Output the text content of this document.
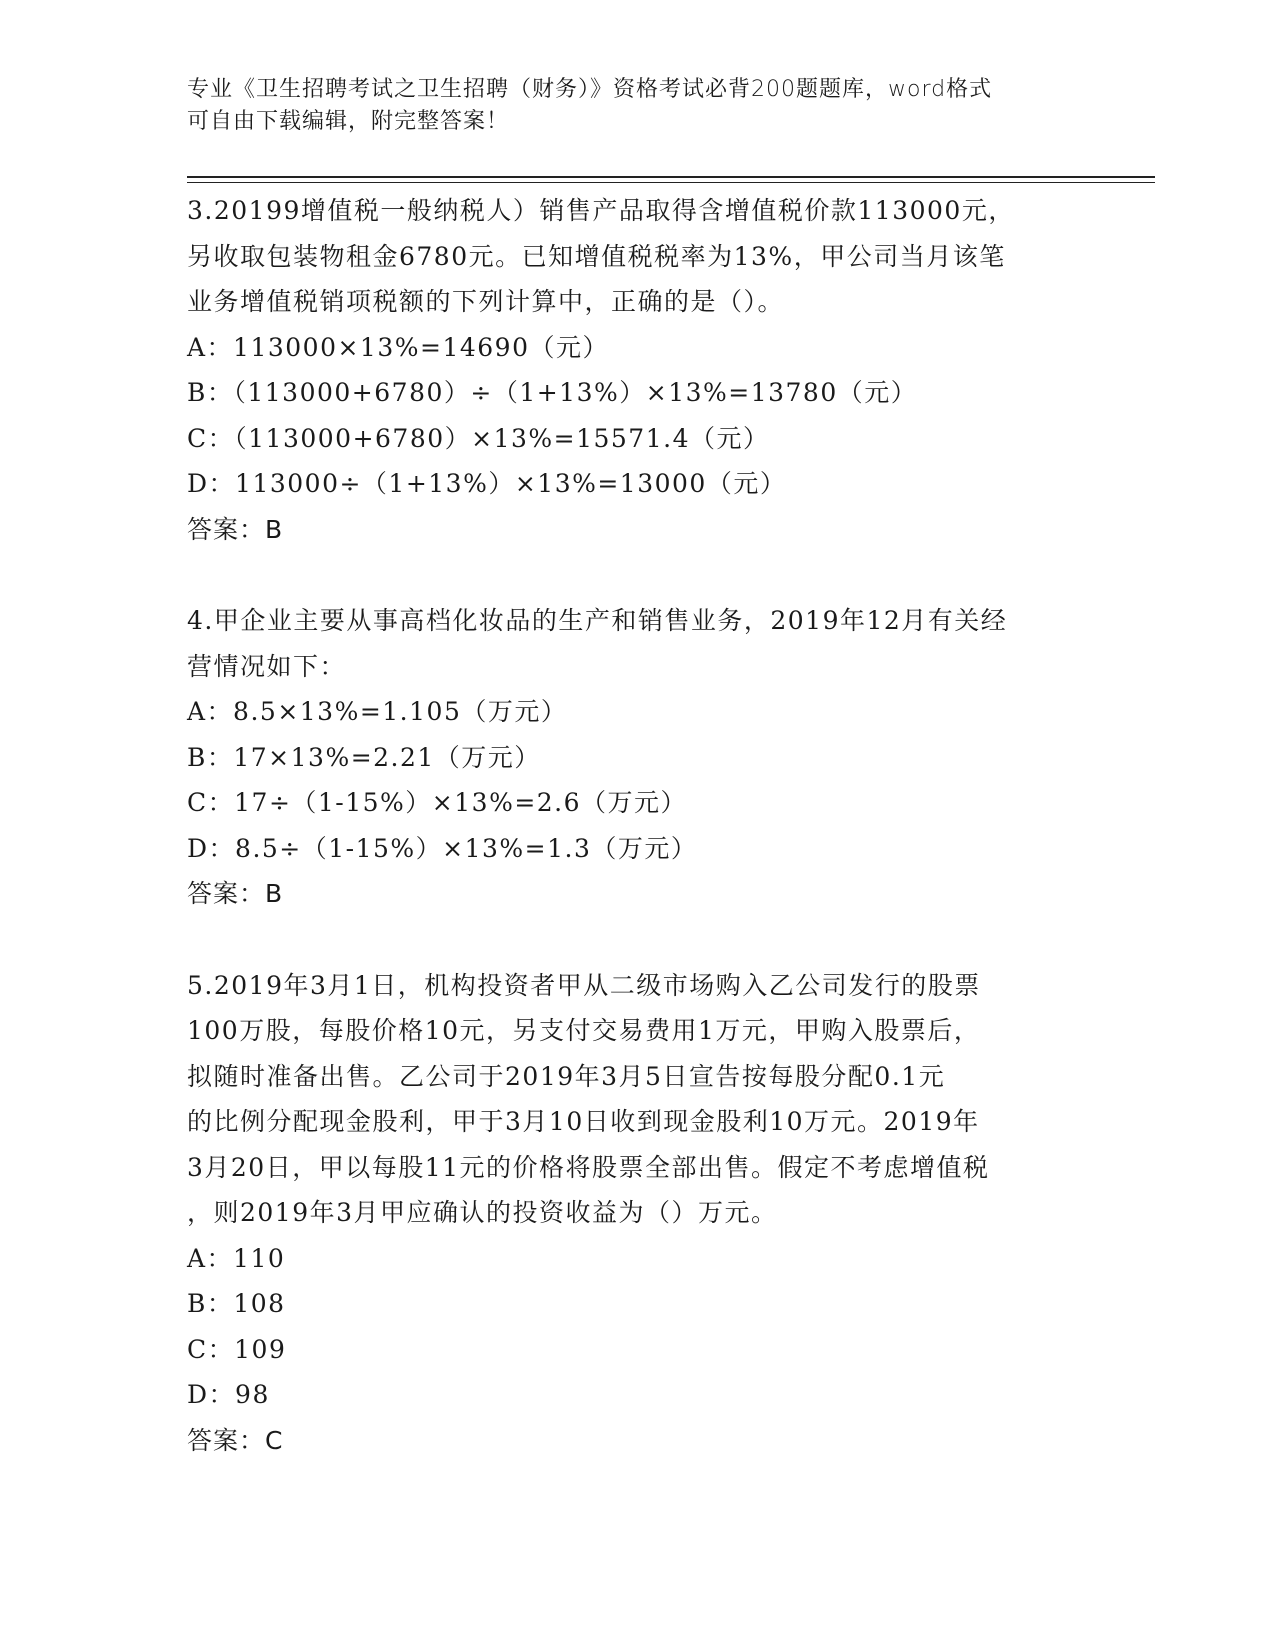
专业《卫生招聘考试之卫生招聘（财务）》资格考试必背200题题库，word格式
可自由下载编辑，附完整答案！
3.20199增值税一般纳税人）销售产品取得含增值税价款113000元，
另收取包装物租金6780元。已知增值税税率为13%，甲公司当月该笔
业务增值税销项税额的下列计算中，正确的是（）。
A：113000×13%=14690（元）
B：（113000+6780）÷（1+13%）×13%=13780（元）
C：（113000+6780）×13%=15571.4（元）
D：113000÷（1+13%）×13%=13000（元）
答案：B
4.甲企业主要从事高档化妆品的生产和销售业务，2019年12月有关经
营情况如下：
A：8.5×13%=1.105（万元）
B：17×13%=2.21（万元）
C：17÷（1-15%）×13%=2.6（万元）
D：8.5÷（1-15%）×13%=1.3（万元）
答案：B
5.2019年3月1日，机构投资者甲从二级市场购入乙公司发行的股票
100万股，每股价格10元，另支付交易费用1万元，甲购入股票后，
拟随时准备出售。乙公司于2019年3月5日宣告按每股分配0.1元
的比例分配现金股利，甲于3月10日收到现金股利10万元。2019年
3月20日，甲以每股11元的价格将股票全部出售。假定不考虑增值税
，则2019年3月甲应确认的投资收益为（）万元。
A：110
B：108
C：109
D：98
答案：C
